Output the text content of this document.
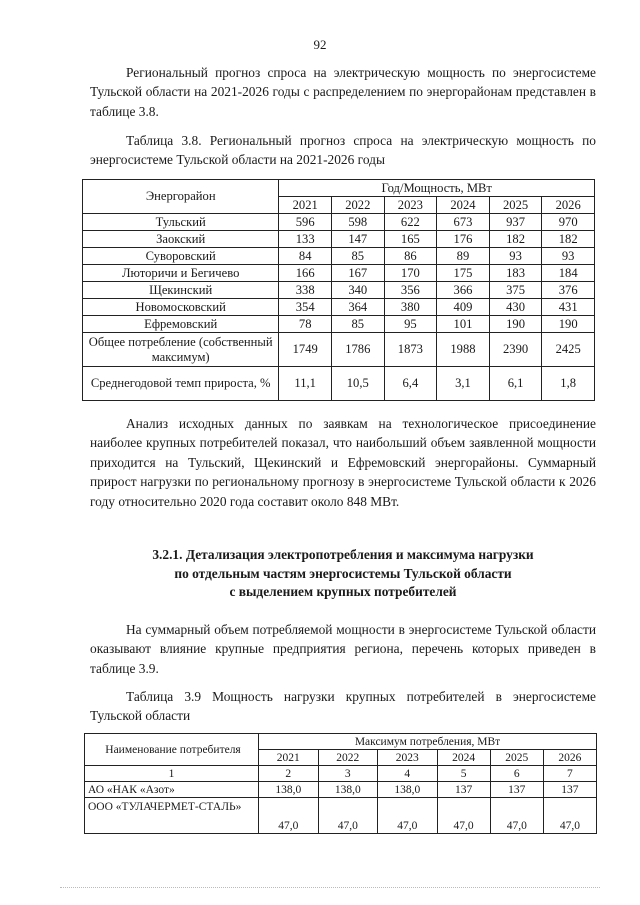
92

Региональный прогноз спроса на электрическую мощность по энергосистеме Тульской области на 2021-2026 годы с распределением по энергорайонам представлен в таблице 3.8.

Таблица 3.8. Региональный прогноз спроса на электрическую мощность по энергосистеме Тульской области на 2021-2026 годы

Энергорайон	Год/Мощность, МВт					
	2021	2022	2023	2024	2025	2026
Тульский	596	598	622	673	937	970
Заокский	133	147	165	176	182	182
Суворовский	84	85	86	89	93	93
Люторичи и Бегичево	166	167	170	175	183	184
Щекинский	338	340	356	366	375	376
Новомосковский	354	364	380	409	430	431
Ефремовский	78	85	95	101	190	190
Общее потребление (собственный максимум)	1749	1786	1873	1988	2390	2425
Среднегодовой темп прироста, %	11,1	10,5	6,4	3,1	6,1	1,8

Анализ исходных данных по заявкам на технологическое присоединение наиболее крупных потребителей показал, что наибольший объем заявленной мощности приходится на Тульский, Щекинский и Ефремовский энергорайоны. Суммарный прирост нагрузки по региональному прогнозу в энергосистеме Тульской области к 2026 году относительно 2020 года составит около 848 МВт.

3.2.1. Детализация электропотребления и максимума нагрузки
по отдельным частям энергосистемы Тульской области
с выделением крупных потребителей

На суммарный объем потребляемой мощности в энергосистеме Тульской области оказывают влияние крупные предприятия региона, перечень которых приведен в таблице 3.9.

Таблица 3.9 Мощность нагрузки крупных потребителей в энергосистеме Тульской области

Наименование потребителя	Максимум потребления, МВт					
	2021	2022	2023	2024	2025	2026
1	2	3	4	5	6	7
АО «НАК «Азот»	138,0	138,0	138,0	137	137	137
ООО «ТУЛАЧЕРМЕТ-СТАЛЬ»	47,0	47,0	47,0	47,0	47,0	47,0
